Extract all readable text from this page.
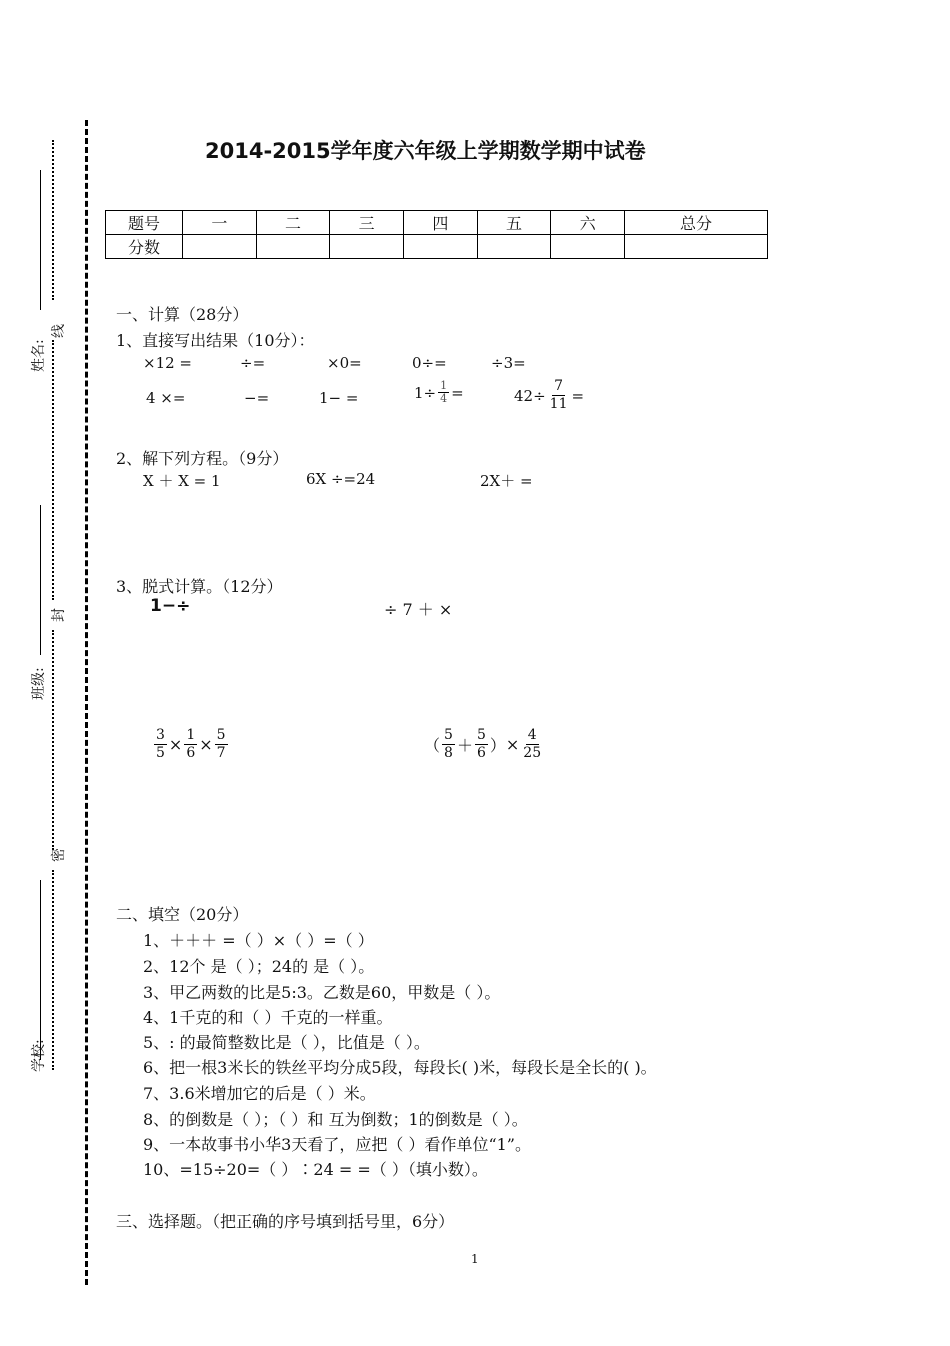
姓名:
线
封
班级:
密
学校:
2014-2015学年度六年级上学期数学期中试卷
题号	一	二	三	四	五	六	总分
分数							
一、计算（28分）
1、直接写出结果（10分）：
×12 =	÷=	×0=	0÷=	÷3=
4 ×=	−=	1− =	$1\div \frac{1}{4}$ =	$42\div \frac{7}{11}$ =
2、解下列方程。（9分）
X ＋ X = 1	6X ÷=24	2X＋ =
3、脱式计算。（12分）
1−÷	÷ 7 ＋ ×
$\frac{3}{5} \times \frac{1}{6} \times \frac{5}{7}$	（ $\frac{5}{8} + \frac{5}{6}$ ） × $\frac{4}{25}$
二、填空（20分）
1、＋＋＋ =（ ）×（ ）=（ ）
2、12个 是（ ）；24的 是（ ）。
3、甲乙两数的比是5:3。乙数是60，甲数是（ ）。
4、1千克的和（ ）千克的一样重。
5、: 的最简整数比是（ ），比值是（ ）。
6、把一根3米长的铁丝平均分成5段，每段长( )米，每段长是全长的( )。
7、3.6米增加它的后是（ ）米。
8、的倒数是（ ）；（ ）和 互为倒数；1的倒数是（ ）。
9、一本故事书小华3天看了，应把（ ）看作单位“1”。
10、=15÷20=（ ）∶24 = =（ ）（填小数）。
三、选择题。（把正确的序号填到括号里，6分）
1
